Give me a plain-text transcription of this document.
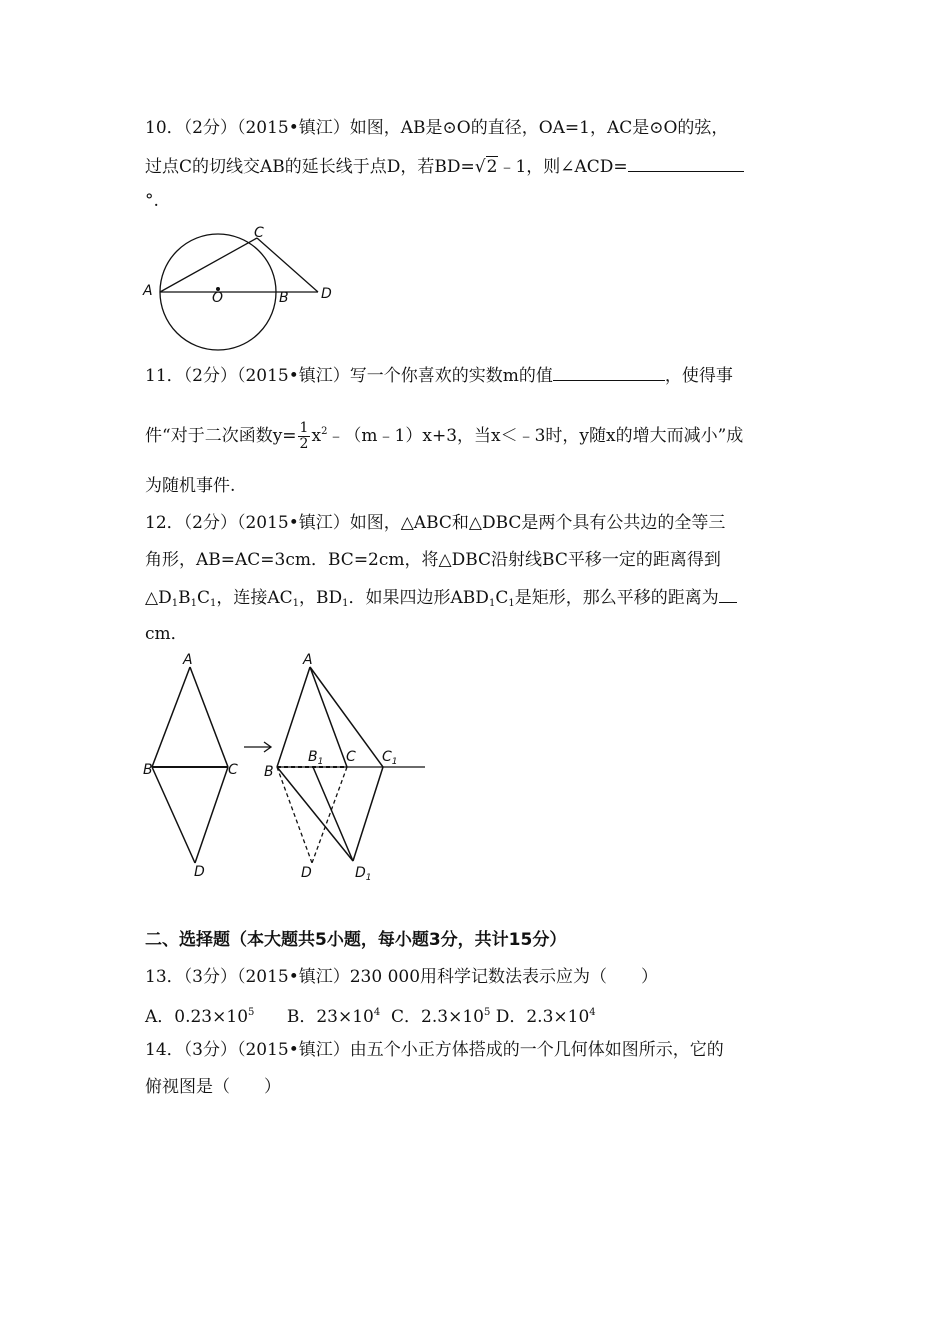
10．（2分）（2015•镇江）如图，AB是⊙O的直径，OA=1，AC是⊙O的弦，
过点C的切线交AB的延长线于点D，若BD=√2﹣1，则∠ACD=
°.
A	O	B
C
D
11．（2分）（2015•镇江）写一个你喜欢的实数m的值	，使得事
件“对于二次函数$y= \frac{1}{2}$ $x^2﹣(m﹣1)x+3$，当x＜﹣3时，y随x的增大而减小”成
为随机事件.
12．（2分）（2015•镇江）如图，△ABC和△DBC是两个具有公共边的全等三
角形，AB=AC=3cm．BC=2cm，将△DBC沿射线BC平移一定的距离得到
$\triangle D_1B_1C_1$，连接$AC_1$，$BD_1$．如果四边形$ABD_1C_1$是矩形，那么平移的距离为
cm．
A
B	C
D
A
B
$B_1$ C $C_1$
D	$D_1$
二、选择题（本大题共5小题，每小题3分，共计15分）
13．（3分）（2015•镇江）230 000用科学记数法表示应为（　　）
A．$0.23\times 10^5$ B．$23\times 10^4$ C．$2.3\times 10^5$ D．$2.3\times 10^4$
14．（3分）（2015•镇江）由五个小正方体搭成的一个几何体如图所示，它的
俯视图是（　　）
